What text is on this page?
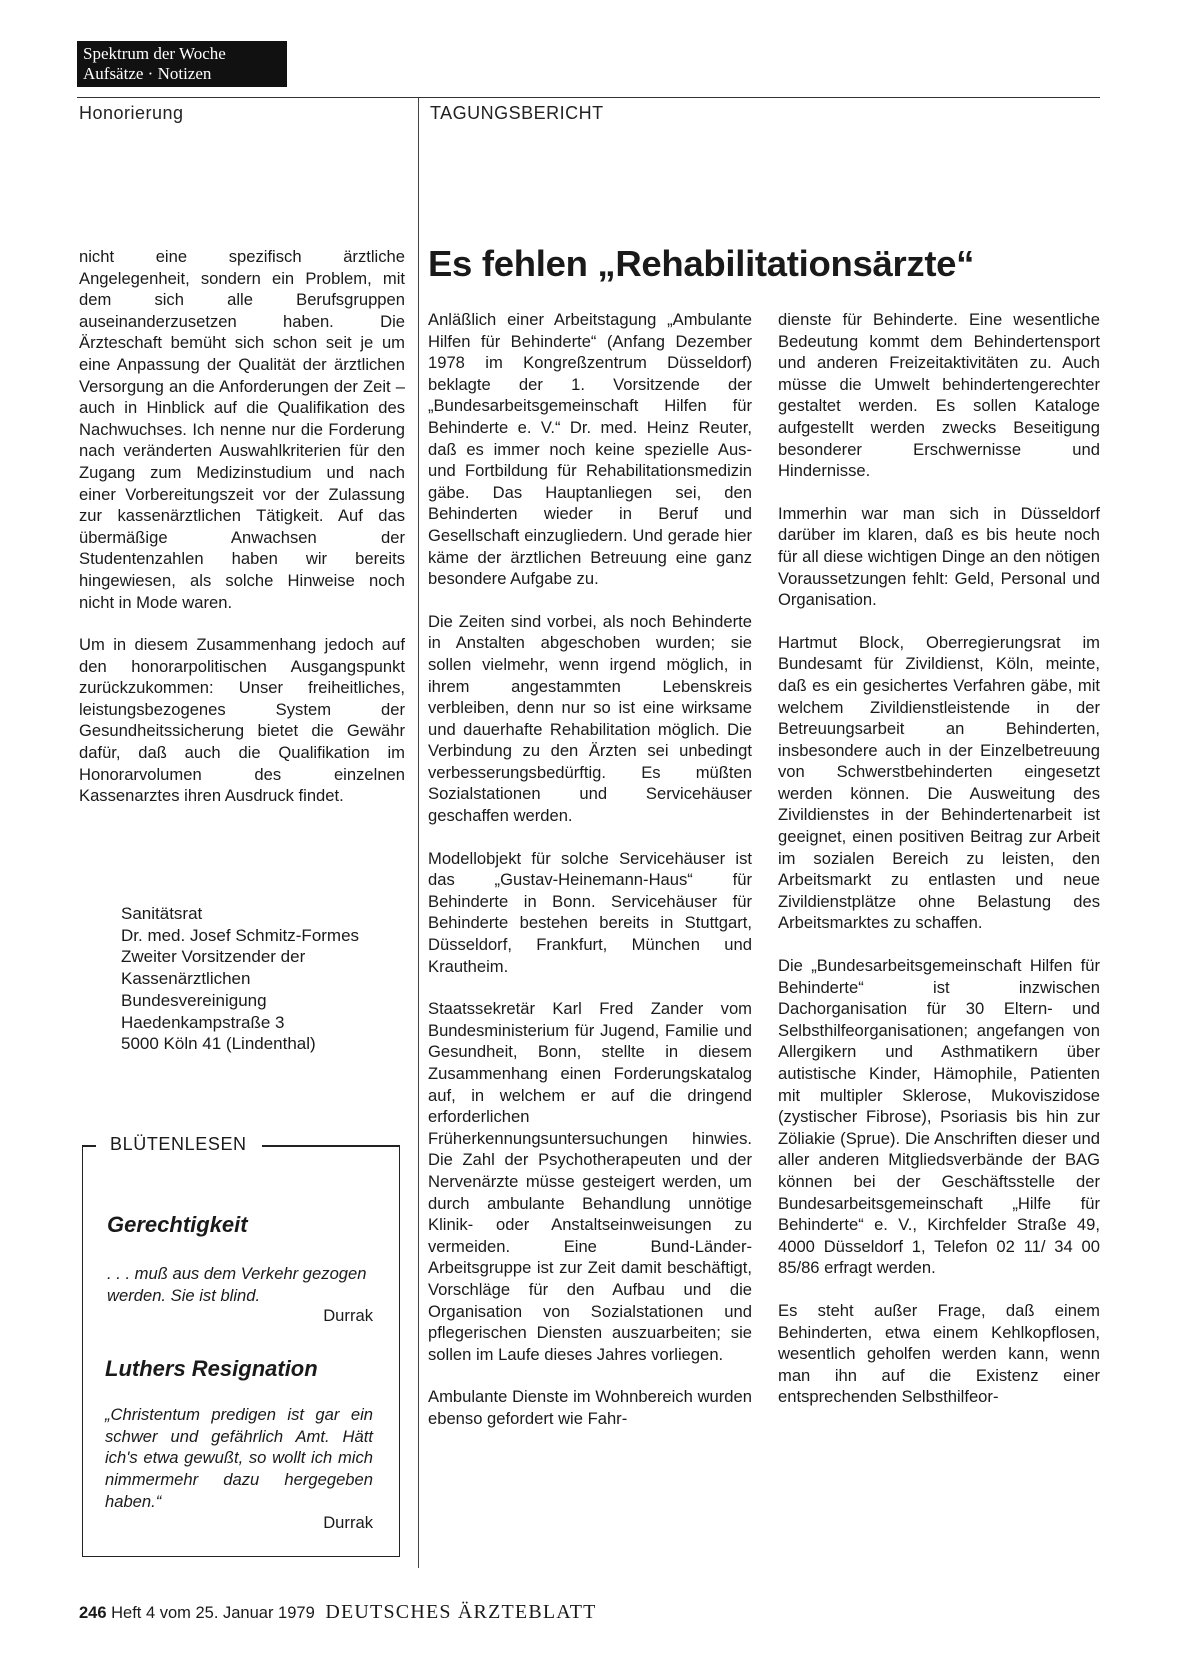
Spektrum der Woche
Aufsätze · Notizen
Honorierung	TAGUNGSBERICHT

nicht eine spezifisch ärztliche Angelegenheit, sondern ein Problem, mit dem sich alle Berufsgruppen auseinanderzusetzen haben. Die Ärzteschaft bemüht sich schon seit je um eine Anpassung der Qualität der ärztlichen Versorgung an die Anforderungen der Zeit – auch in Hinblick auf die Qualifikation des Nachwuchses. Ich nenne nur die Forderung nach veränderten Auswahlkriterien für den Zugang zum Medizinstudium und nach einer Vorbereitungszeit vor der Zulassung zur kassenärztlichen Tätigkeit. Auf das übermäßige Anwachsen der Studentenzahlen haben wir bereits hingewiesen, als solche Hinweise noch nicht in Mode waren.

Um in diesem Zusammenhang jedoch auf den honorarpolitischen Ausgangspunkt zurückzukommen: Unser freiheitliches, leistungsbezogenes System der Gesundheitssicherung bietet die Gewähr dafür, daß auch die Qualifikation im Honorarvolumen des einzelnen Kassenarztes ihren Ausdruck findet.

Sanitätsrat
Dr. med. Josef Schmitz-Formes
Zweiter Vorsitzender der
Kassenärztlichen
Bundesvereinigung
Haedenkampstraße 3
5000 Köln 41 (Lindenthal)
BLÜTENLESEN
Gerechtigkeit
. . . muß aus dem Verkehr gezogen werden. Sie ist blind.
Durrak
Luthers Resignation
„Christentum predigen ist gar ein schwer und gefährlich Amt. Hätt ich's etwa gewußt, so wollt ich mich nimmermehr dazu hergegeben haben.“
Durrak
Es fehlen „Rehabilitationsärzte“

Anläßlich einer Arbeitstagung „Ambulante Hilfen für Behinderte“ (Anfang Dezember 1978 im Kongreßzentrum Düsseldorf) beklagte der 1. Vorsitzende der „Bundesarbeitsgemeinschaft Hilfen für Behinderte e. V.“ Dr. med. Heinz Reuter, daß es immer noch keine spezielle Aus- und Fortbildung für Rehabilitationsmedizin gäbe. Das Hauptanliegen sei, den Behinderten wieder in Beruf und Gesellschaft einzugliedern. Und gerade hier käme der ärztlichen Betreuung eine ganz besondere Aufgabe zu.

Die Zeiten sind vorbei, als noch Behinderte in Anstalten abgeschoben wurden; sie sollen vielmehr, wenn irgend möglich, in ihrem angestammten Lebenskreis verbleiben, denn nur so ist eine wirksame und dauerhafte Rehabilitation möglich. Die Verbindung zu den Ärzten sei unbedingt verbesserungsbedürftig. Es müßten Sozialstationen und Servicehäuser geschaffen werden.

Modellobjekt für solche Servicehäuser ist das „Gustav-Heinemann-Haus“ für Behinderte in Bonn. Servicehäuser für Behinderte bestehen bereits in Stuttgart, Düsseldorf, Frankfurt, München und Krautheim.

Staatssekretär Karl Fred Zander vom Bundesministerium für Jugend, Familie und Gesundheit, Bonn, stellte in diesem Zusammenhang einen Forderungskatalog auf, in welchem er auf die dringend erforderlichen Früherkennungsuntersuchungen hinwies. Die Zahl der Psychotherapeuten und der Nervenärzte müsse gesteigert werden, um durch ambulante Behandlung unnötige Klinik- oder Anstaltseinweisungen zu vermeiden. Eine Bund-Länder-Arbeitsgruppe ist zur Zeit damit beschäftigt, Vorschläge für den Aufbau und die Organisation von Sozialstationen und pflegerischen Diensten auszuarbeiten; sie sollen im Laufe dieses Jahres vorliegen.

Ambulante Dienste im Wohnbereich wurden ebenso gefordert wie Fahr-

dienste für Behinderte. Eine wesentliche Bedeutung kommt dem Behindertensport und anderen Freizeitaktivitäten zu. Auch müsse die Umwelt behindertengerechter gestaltet werden. Es sollen Kataloge aufgestellt werden zwecks Beseitigung besonderer Erschwernisse und Hindernisse.

Immerhin war man sich in Düsseldorf darüber im klaren, daß es bis heute noch für all diese wichtigen Dinge an den nötigen Voraussetzungen fehlt: Geld, Personal und Organisation.

Hartmut Block, Oberregierungsrat im Bundesamt für Zivildienst, Köln, meinte, daß es ein gesichertes Verfahren gäbe, mit welchem Zivildienstleistende in der Betreuungsarbeit an Behinderten, insbesondere auch in der Einzelbetreuung von Schwerstbehinderten eingesetzt werden können. Die Ausweitung des Zivildienstes in der Behindertenarbeit ist geeignet, einen positiven Beitrag zur Arbeit im sozialen Bereich zu leisten, den Arbeitsmarkt zu entlasten und neue Zivildienstplätze ohne Belastung des Arbeitsmarktes zu schaffen.

Die „Bundesarbeitsgemeinschaft Hilfen für Behinderte“ ist inzwischen Dachorganisation für 30 Eltern- und Selbsthilfeorganisationen; angefangen von Allergikern und Asthmatikern über autistische Kinder, Hämophile, Patienten mit multipler Sklerose, Mukoviszidose (zystischer Fibrose), Psoriasis bis hin zur Zöliakie (Sprue). Die Anschriften dieser und aller anderen Mitgliedsverbände der BAG können bei der Geschäftsstelle der Bundesarbeitsgemeinschaft „Hilfe für Behinderte“ e. V., Kirchfelder Straße 49, 4000 Düsseldorf 1, Telefon 02 11/ 34 00 85/86 erfragt werden.

Es steht außer Frage, daß einem Behinderten, etwa einem Kehlkopflosen, wesentlich geholfen werden kann, wenn man ihn auf die Existenz einer entsprechenden Selbsthilfeor-

246 Heft 4 vom 25. Januar 1979 DEUTSCHES ÄRZTEBLATT
